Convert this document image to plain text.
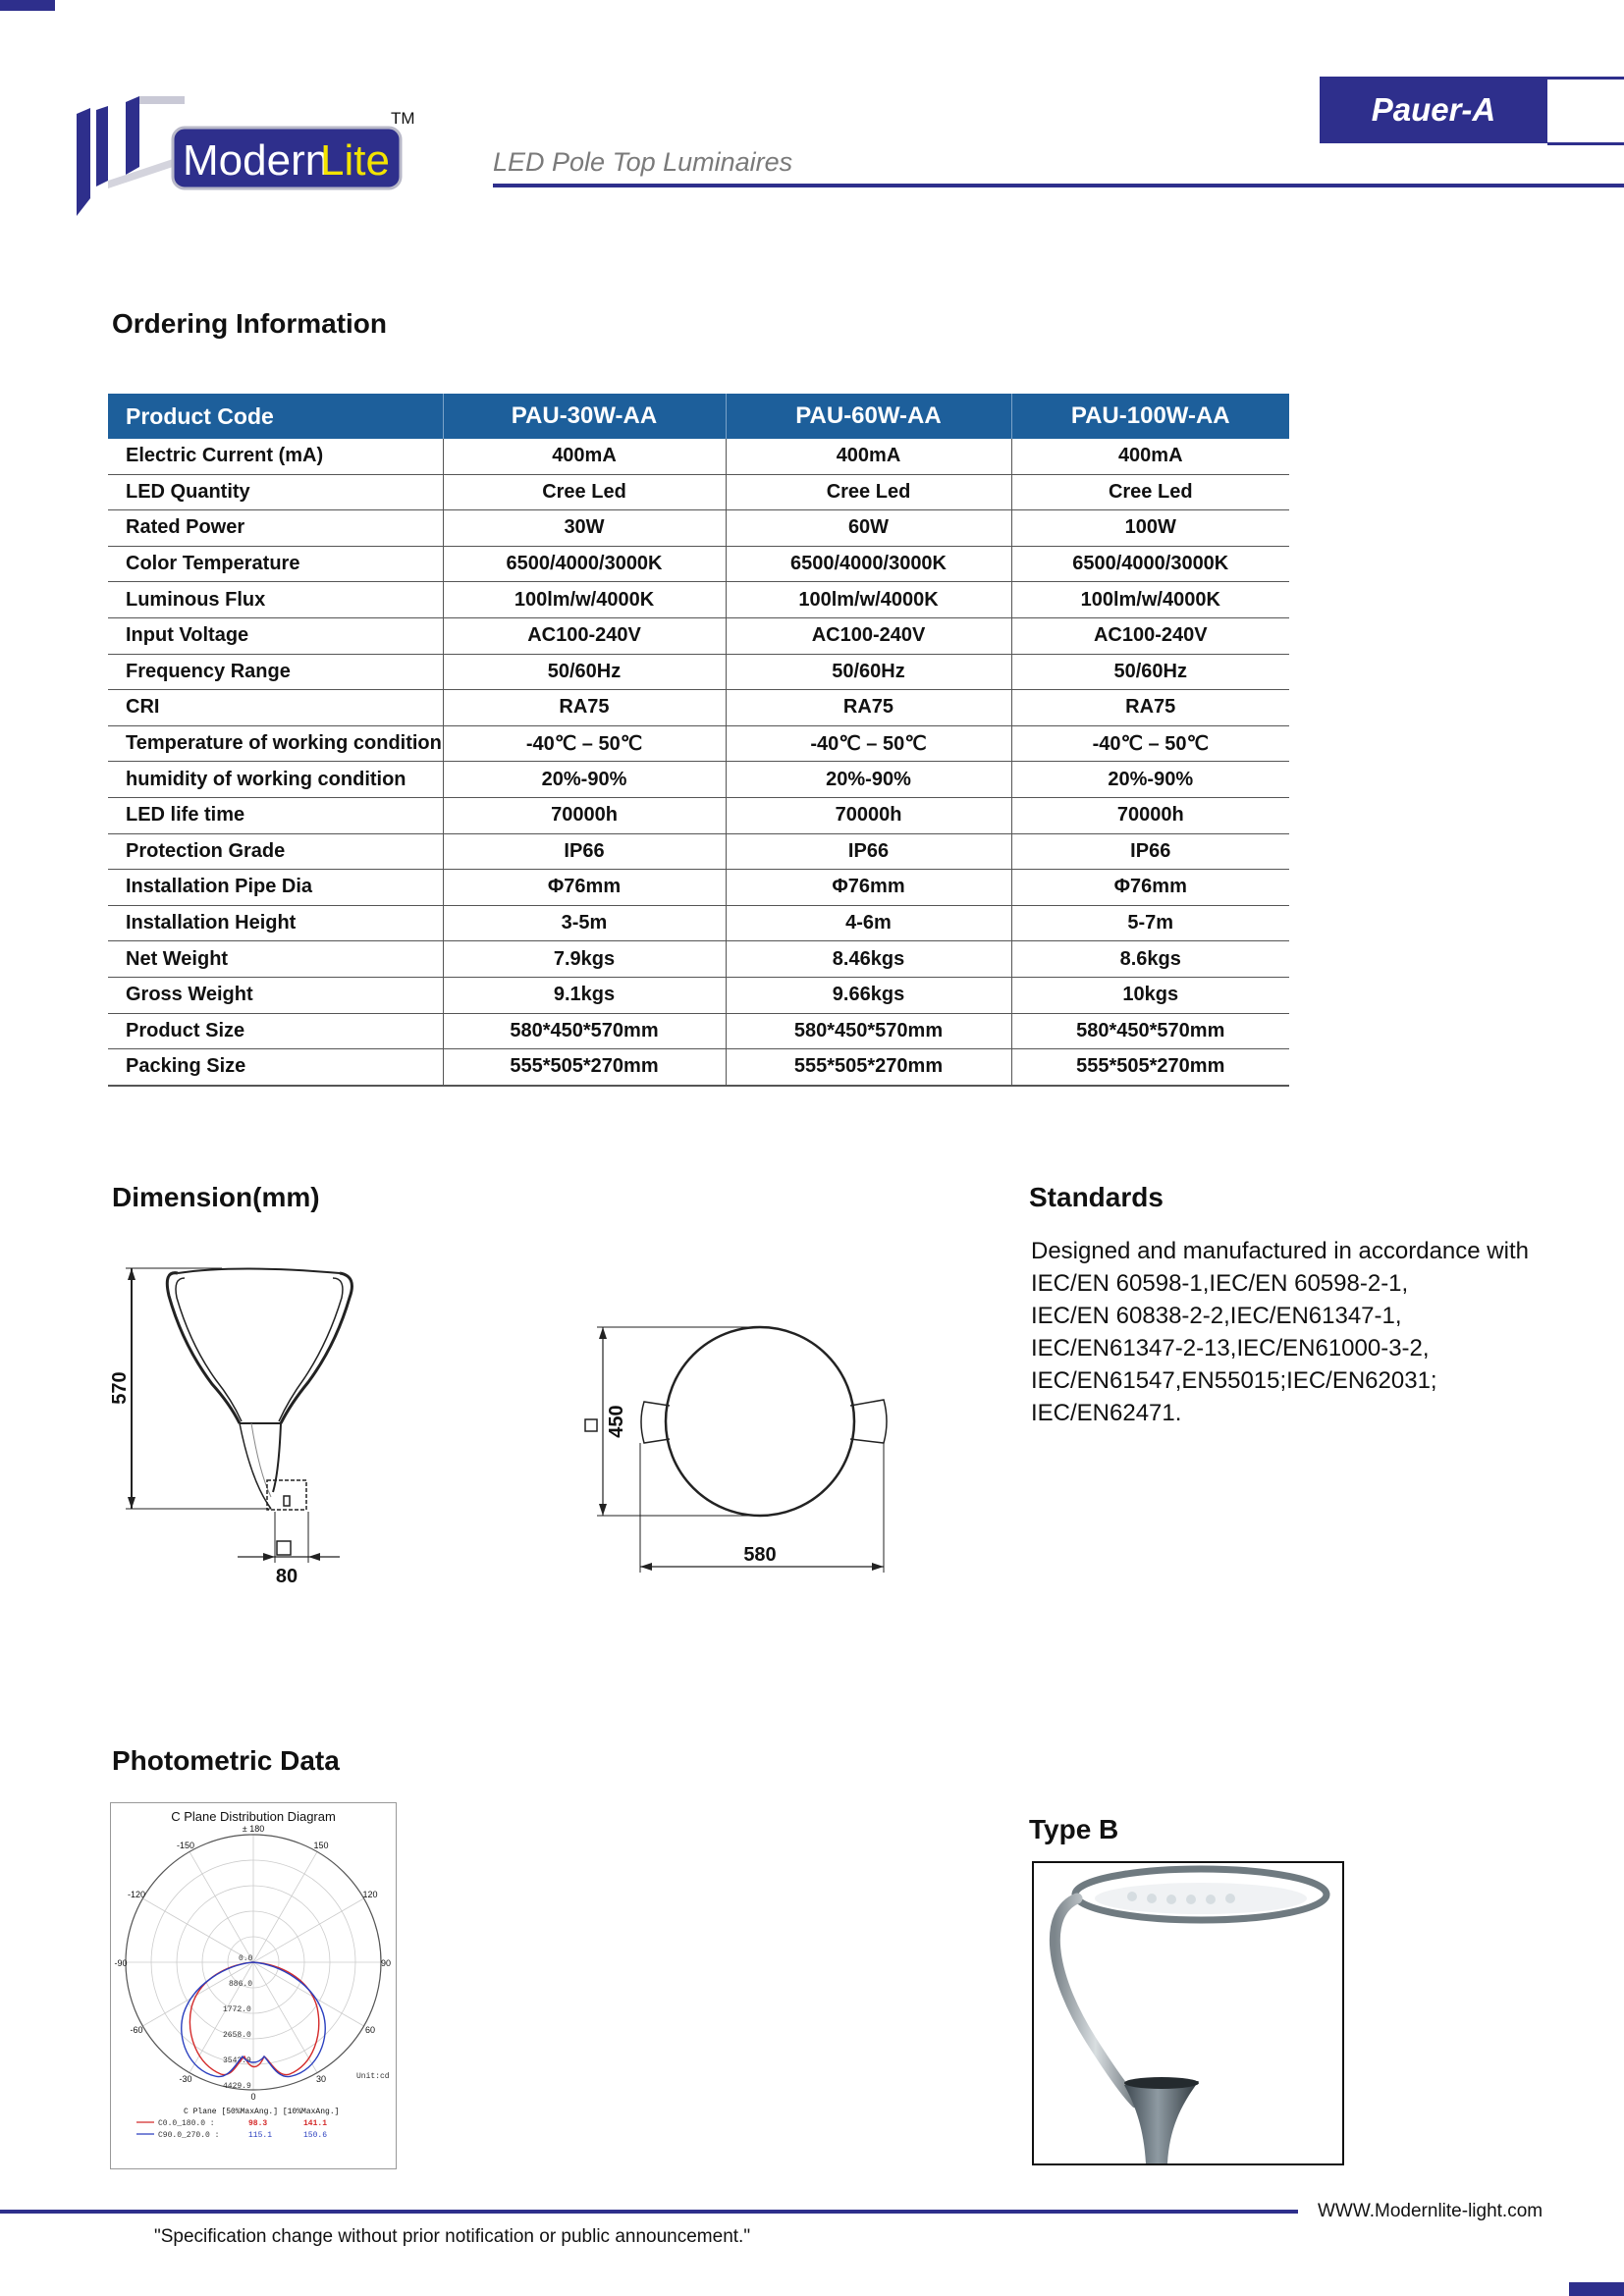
Modern
Lite
TM
LED Pole Top Luminaires
Pauer-A
Ordering Information
Product Code	PAU-30W-AA	PAU-60W-AA	PAU-100W-AA
Electric Current (mA)	400mA	400mA	400mA
LED Quantity	Cree Led	Cree Led	Cree Led
Rated Power	30W	60W	100W
Color Temperature	6500/4000/3000K	6500/4000/3000K	6500/4000/3000K
Luminous Flux	100lm/w/4000K	100lm/w/4000K	100lm/w/4000K
Input Voltage	AC100-240V	AC100-240V	AC100-240V
Frequency Range	50/60Hz	50/60Hz	50/60Hz
CRI	RA75	RA75	RA75
Temperature of working condition	-40℃ – 50℃	-40℃ – 50℃	-40℃ – 50℃
humidity of working condition	20%-90%	20%-90%	20%-90%
LED life time	70000h	70000h	70000h
Protection Grade	IP66	IP66	IP66
Installation Pipe Dia	Φ76mm	Φ76mm	Φ76mm
Installation Height	3-5m	4-6m	5-7m
Net Weight	7.9kgs	8.46kgs	8.6kgs
Gross Weight	9.1kgs	9.66kgs	10kgs
Product Size	580*450*570mm	580*450*570mm	580*450*570mm
Packing Size	555*505*270mm	555*505*270mm	555*505*270mm
Dimension(mm)
570
80
450
580
Standards
Designed and manufactured in accordance with
IEC/EN 60598-1,IEC/EN 60598-2-1,
IEC/EN 60838-2-2,IEC/EN61347-1,
IEC/EN61347-2-13,IEC/EN61000-3-2,
IEC/EN61547,EN55015;IEC/EN62031;
IEC/EN62471.
Photometric Data
C Plane Distribution Diagram
± 180
-150	150
-120	120
-90	90
-60	60
-30	30
0
0.0
886.0
1772.0
2658.0
3543.9
4429.9
Unit:cd
C Plane [50%MaxAng.] [10%MaxAng.]
C0.0_180.0 :	98.3	141.1
C90.0_270.0 :	115.1	150.6
Type B
WWW.Modernlite-light.com
"Specification change without prior notification or public announcement."
